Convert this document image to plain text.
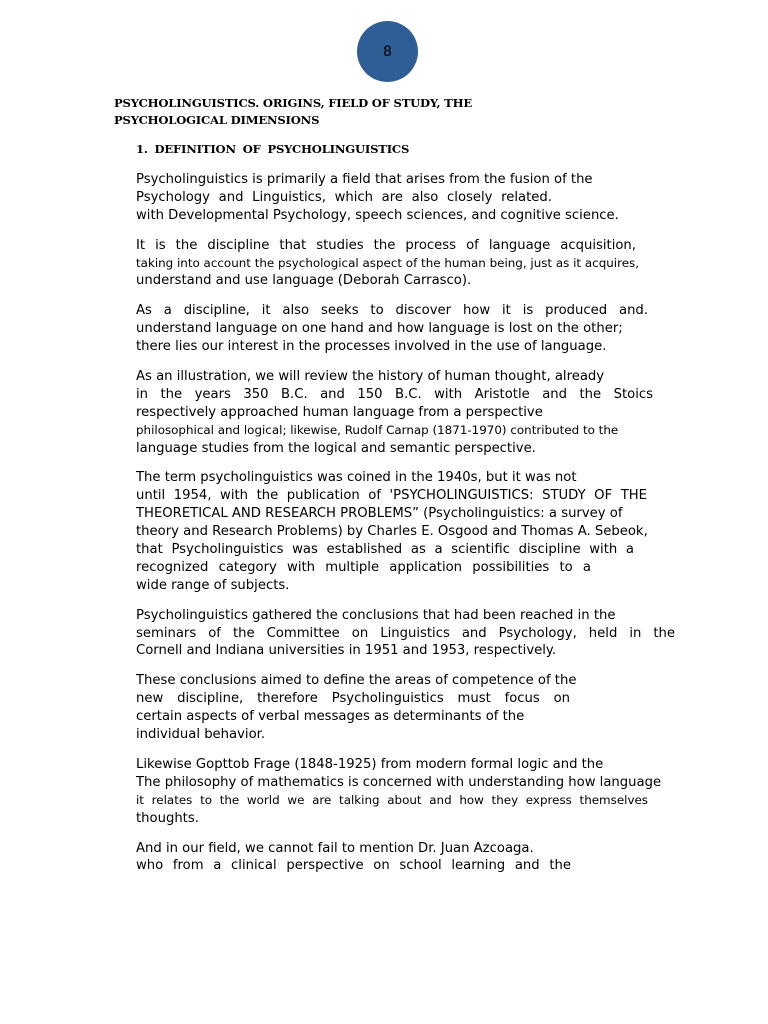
8
PSYCHOLINGUISTICS. ORIGINS, FIELD OF STUDY, THE
PSYCHOLOGICAL DIMENSIONS
1. DEFINITION OF PSYCHOLINGUISTICS
Psycholinguistics is primarily a field that arises from the fusion of the
Psychology and Linguistics, which are also closely related.
with Developmental Psychology, speech sciences, and cognitive science.
It is the discipline that studies the process of language acquisition,
taking into account the psychological aspect of the human being, just as it acquires,
understand and use language (Deborah Carrasco).
As a discipline, it also seeks to discover how it is produced and.
understand language on one hand and how language is lost on the other;
there lies our interest in the processes involved in the use of language.
As an illustration, we will review the history of human thought, already
in the years 350 B.C. and 150 B.C. with Aristotle and the Stoics
respectively approached human language from a perspective
philosophical and logical; likewise, Rudolf Carnap (1871-1970) contributed to the
language studies from the logical and semantic perspective.
The term psycholinguistics was coined in the 1940s, but it was not
until 1954, with the publication of 'PSYCHOLINGUISTICS: STUDY OF THE
THEORETICAL AND RESEARCH PROBLEMS” (Psycholinguistics: a survey of
theory and Research Problems) by Charles E. Osgood and Thomas A. Sebeok,
that Psycholinguistics was established as a scientific discipline with a
recognized category with multiple application possibilities to a
wide range of subjects.
Psycholinguistics gathered the conclusions that had been reached in the
seminars of the Committee on Linguistics and Psychology, held in the
Cornell and Indiana universities in 1951 and 1953, respectively.
These conclusions aimed to define the areas of competence of the
new discipline, therefore Psycholinguistics must focus on
certain aspects of verbal messages as determinants of the
individual behavior.
Likewise Gopttob Frage (1848-1925) from modern formal logic and the
The philosophy of mathematics is concerned with understanding how language
it relates to the world we are talking about and how they express themselves
thoughts.
And in our field, we cannot fail to mention Dr. Juan Azcoaga.
who from a clinical perspective on school learning and the
